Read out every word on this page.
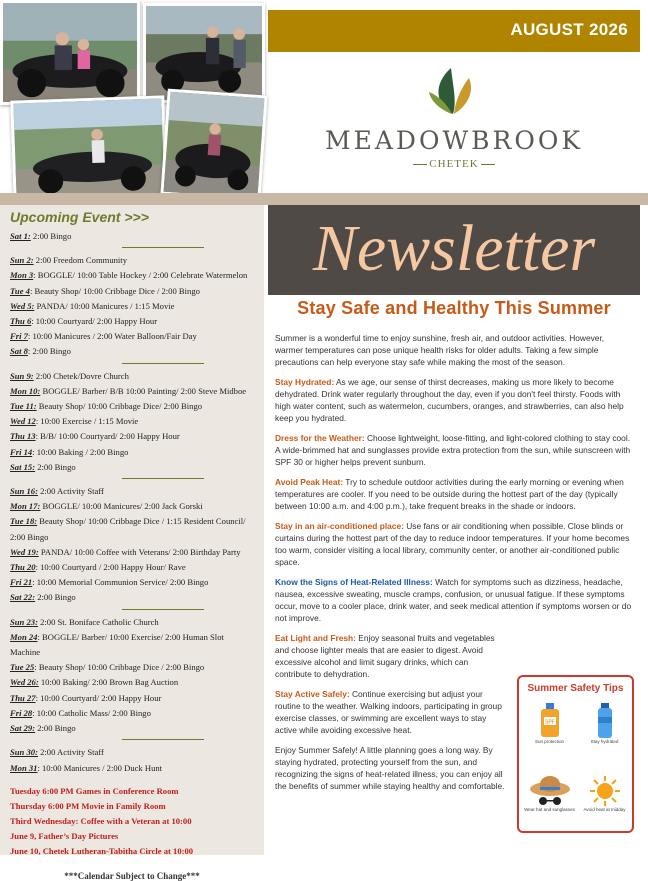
AUGUST 2026
MEADOWBROOK
CHETEK
Newsletter
Upcoming Event >>>
Sat 1: 2:00 Bingo
Sun 2: 2:00 Freedom Community
Mon 3: BOGGLE/ 10:00 Table Hockey / 2:00 Celebrate Watermelon
Tue 4: Beauty Shop/ 10:00 Cribbage Dice / 2:00 Bingo
Wed 5: PANDA/ 10:00 Manicures / 1:15 Movie
Thu 6: 10:00 Courtyard/ 2:00 Happy Hour
Fri 7: 10:00 Manicures / 2:00 Water Balloon/Fair Day
Sat 8: 2:00 Bingo
Sun 9: 2:00 Chetek/Dovre Church
Mon 10: BOGGLE/ Barber/ B/B 10:00 Painting/ 2:00 Steve Midboe
Tue 11: Beauty Shop/ 10:00 Cribbage Dice/ 2:00 Bingo
Wed 12: 10:00 Exercise / 1:15 Movie
Thu 13: B/B/ 10:00 Courtyard/ 2:00 Happy Hour
Fri 14: 10:00 Baking / 2:00 Bingo
Sat 15: 2:00 Bingo
Sun 16: 2:00 Activity Staff
Mon 17: BOGGLE/ 10:00 Manicures/ 2:00 Jack Gorski
Tue 18: Beauty Shop/ 10:00 Cribbage Dice / 1:15 Resident Council/ 2:00 Bingo
Wed 19: PANDA/ 10:00 Coffee with Veterans/ 2:00 Birthday Party
Thu 20: 10:00 Courtyard / 2:00 Happy Hour/ Rave
Fri 21: 10:00 Memorial Communion Service/ 2:00 Bingo
Sat 22: 2:00 Bingo
Sun 23: 2:00 St. Boniface Catholic Church
Mon 24: BOGGLE/ Barber/ 10:00 Exercise/ 2:00 Human Slot Machine
Tue 25: Beauty Shop/ 10:00 Cribbage Dice / 2:00 Bingo
Wed 26: 10:00 Baking/ 2:00 Brown Bag Auction
Thu 27: 10:00 Courtyard/ 2:00 Happy Hour
Fri 28: 10:00 Catholic Mass/ 2:00 Bingo
Sat 29: 2:00 Bingo
Sun 30: 2:00 Activity Staff
Mon 31: 10:00 Manicures / 2:00 Duck Hunt
Tuesday 6:00 PM Games in Conference Room
Thursday 6:00 PM Movie in Family Room
Third Wednesday: Coffee with a Veteran at 10:00
June 9, Father’s Day Pictures
June 10, Chetek Lutheran-Tabitha Circle at 10:00
***Calendar Subject to Change***
Stay Safe and Healthy This Summer

Summer is a wonderful time to enjoy sunshine, fresh air, and outdoor activities. However, warmer temperatures can pose unique health risks for older adults. Taking a few simple precautions can help everyone stay safe while making the most of the season.

Stay Hydrated: As we age, our sense of thirst decreases, making us more likely to become dehydrated. Drink water regularly throughout the day, even if you don't feel thirsty. Foods with high water content, such as watermelon, cucumbers, oranges, and strawberries, can also help keep you hydrated.

Dress for the Weather: Choose lightweight, loose-fitting, and light-colored clothing to stay cool. A wide-brimmed hat and sunglasses provide extra protection from the sun, while sunscreen with SPF 30 or higher helps prevent sunburn.

Avoid Peak Heat: Try to schedule outdoor activities during the early morning or evening when temperatures are cooler. If you need to be outside during the hottest part of the day (typically between 10:00 a.m. and 4:00 p.m.), take frequent breaks in the shade or indoors.

Stay in an air-conditioned place: Use fans or air conditioning when possible. Close blinds or curtains during the hottest part of the day to reduce indoor temperatures. If your home becomes too warm, consider visiting a local library, community center, or another air-conditioned public space.

Know the Signs of Heat-Related Illness: Watch for symptoms such as dizziness, headache, nausea, excessive sweating, muscle cramps, confusion, or unusual fatigue. If these symptoms occur, move to a cooler place, drink water, and seek medical attention if symptoms worsen or do not improve.

Eat Light and Fresh: Enjoy seasonal fruits and vegetables and choose lighter meals that are easier to digest. Avoid excessive alcohol and limit sugary drinks, which can contribute to dehydration.

Stay Active Safely: Continue exercising but adjust your routine to the weather. Walking indoors, participating in group exercise classes, or swimming are excellent ways to stay active while avoiding excessive heat.

Enjoy Summer Safely! A little planning goes a long way. By staying hydrated, protecting yourself from the sun, and recognizing the signs of heat-related illness, you can enjoy all the benefits of summer while staying healthy and comfortable.

Summer Safety Tips
SPF
Sun protection	Stay hydrated
Wear hat and sunglasses	Avoid heat at midday
